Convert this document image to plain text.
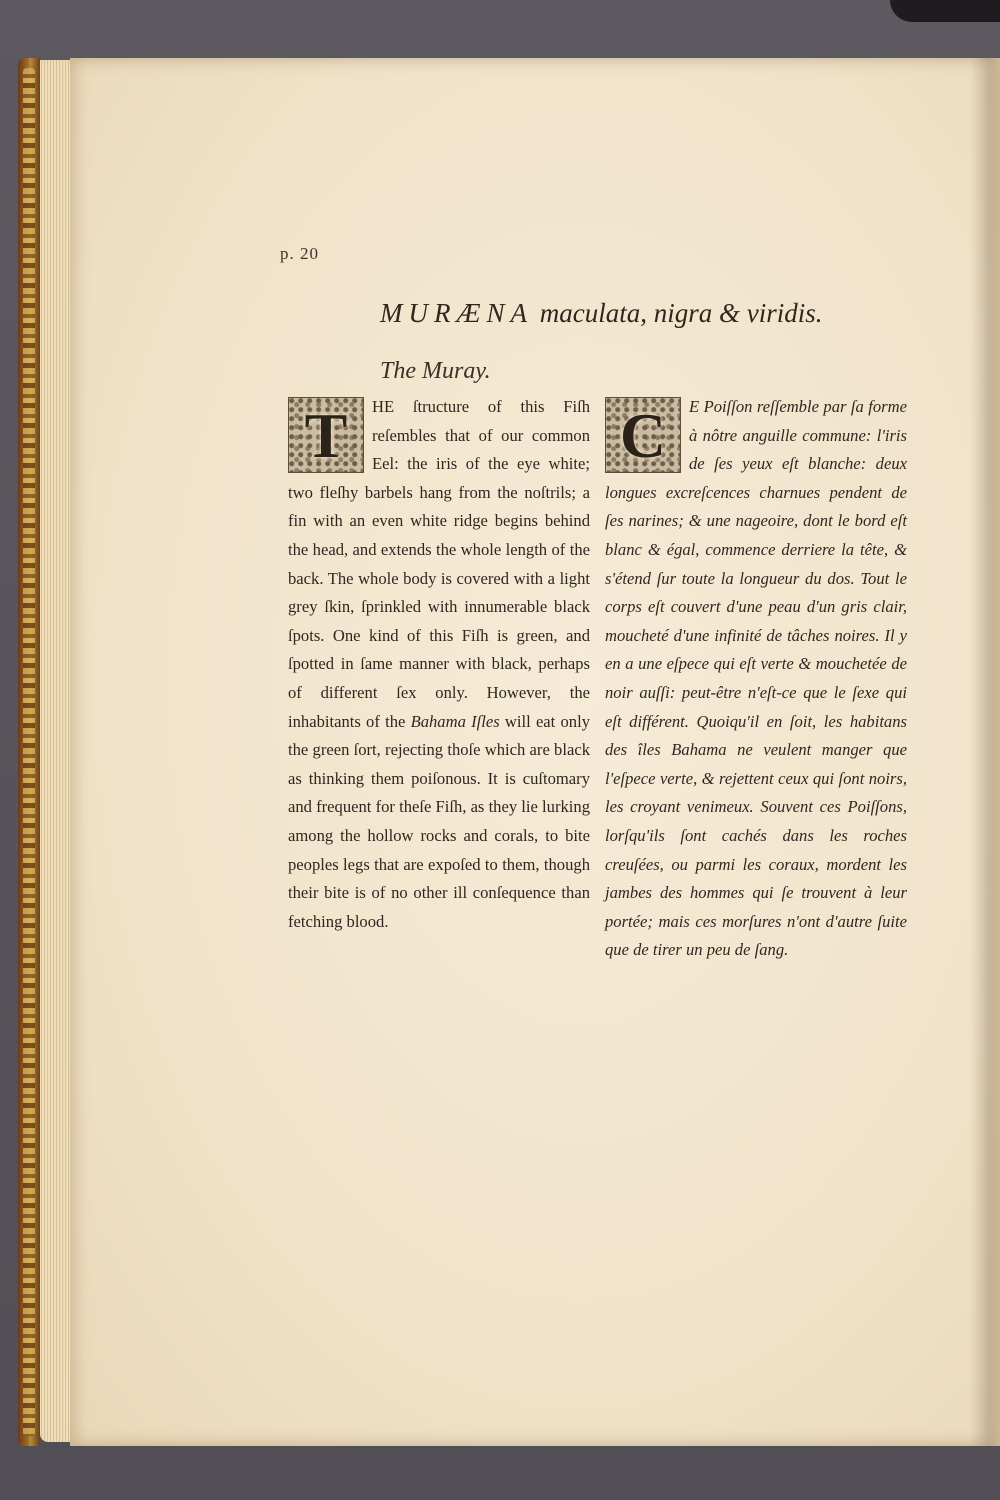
p. 20
MURÆNA maculata, nigra & viridis.
The Muray.
T	HE ſtructure of this Fiſh reſembles that of our common Eel: the iris of the eye white; two fleſhy barbels hang from the noſtrils; a fin with an even white ridge begins behind the head, and extends the whole length of the back. The whole body is covered with a light grey ſkin, ſprinkled with innumerable black ſpots. One kind of this Fiſh is green, and ſpotted in ſame manner with black, perhaps of different ſex only. However, the inhabitants of the Bahama Iſles will eat only the green ſort, rejecting thoſe which are black as thinking them poiſonous. It is cuſtomary and frequent for theſe Fiſh, as they lie lurking among the hollow rocks and corals, to bite peoples legs that are expoſed to them, though their bite is of no other ill conſequence than fetching blood.

C	E Poiſſon reſſemble par ſa forme à nôtre anguille commune: l'iris de ſes yeux eſt blanche: deux longues excreſcences charnues pendent de ſes narines; & une nageoire, dont le bord eſt blanc & égal, commence derriere la tête, & s'étend ſur toute la longueur du dos. Tout le corps eſt couvert d'une peau d'un gris clair, moucheté d'une infinité de tâches noires. Il y en a une eſpece qui eſt verte & mouchetée de noir auſſi: peut-être n'eſt-ce que le ſexe qui eſt différent. Quoiqu'il en ſoit, les habitans des îles Bahama ne veulent manger que l'eſpece verte, & rejettent ceux qui ſont noirs, les croyant venimeux. Souvent ces Poiſſons, lorſqu'ils ſont cachés dans les roches creuſées, ou parmi les coraux, mordent les jambes des hommes qui ſe trouvent à leur portée; mais ces morſures n'ont d'autre ſuite que de tirer un peu de ſang.
